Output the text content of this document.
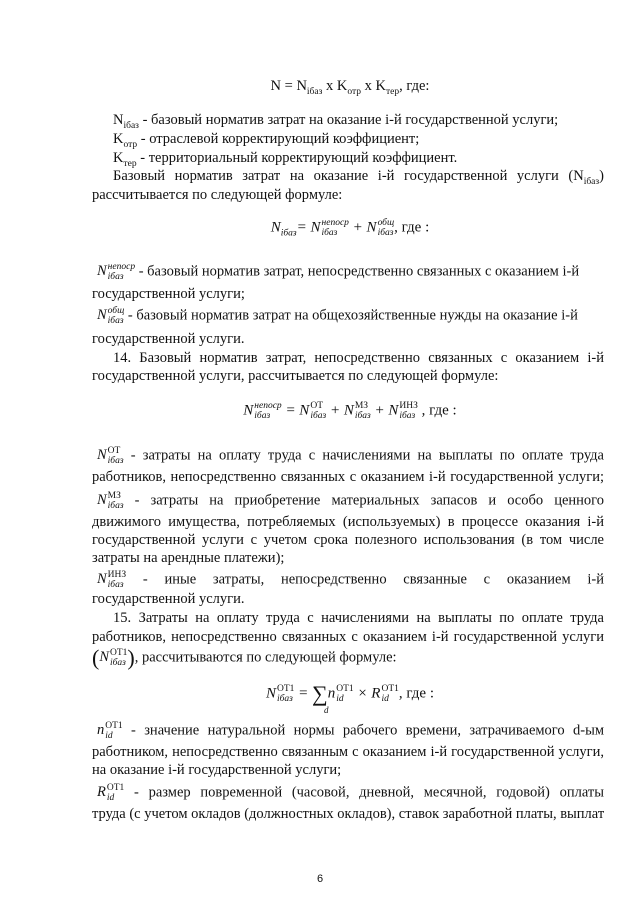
$N = N_{iбаз}$ х $K_{отр}$ х $K_{тер}$, где:
$N_{iбаз}$ - базовый норматив затрат на оказание i-й государственной услуги;
$K_{отр}$ - отраслевой корректирующий коэффициент;
$K_{тер}$ - территориальный корректирующий коэффициент.
Базовый норматив затрат на оказание i-й государственной услуги $(N_{iбаз})$
рассчитывается по следующей формуле:
$N_{iбаз}= N$ непоср
iбаз + N общ
iбаз , где :
N непоср
iбаз - базовый норматив затрат, непосредственно связанных с оказанием i-й
государственной услуги;
N общ
iбаз - базовый норматив затрат на общехозяйственные нужды на оказание i-й
государственной услуги.
14. Базовый норматив затрат, непосредственно связанных с оказанием i-й
государственной услуги, рассчитывается по следующей формуле:
N непоср
iбаз = N ОТ
iбаз + N МЗ
iбаз + N ИНЗ
iбаз , где :
N ОТ
iбаз - затраты на оплату труда с начислениями на выплаты по оплате труда
работников, непосредственно связанных с оказанием i-й государственной услуги;
N МЗ
iбаз - затраты на приобретение материальных запасов и особо ценного
движимого имущества, потребляемых (используемых) в процессе оказания i-й
государственной услуги с учетом срока полезного использования (в том числе
затраты на арендные платежи);
N ИНЗ
iбаз - иные затраты, непосредственно связанные с оказанием i-й
государственной услуги.
15. Затраты на оплату труда с начислениями на выплаты по оплате труда
работников, непосредственно связанных с оказанием i-й государственной услуги
(N ОТ1
iбаз ), рассчитываются по следующей формуле:
N ОТ1
iбаз = ∑
d
n ОТ1
id × R ОТ1
id , где :
n ОТ1
id - значение натуральной нормы рабочего времени, затрачиваемого d-ым
работником, непосредственно связанным с оказанием i-й государственной услуги,
на оказание i-й государственной услуги;
R ОТ1
id - размер повременной (часовой, дневной, месячной, годовой) оплаты
труда (с учетом окладов (должностных окладов), ставок заработной платы, выплат
6
